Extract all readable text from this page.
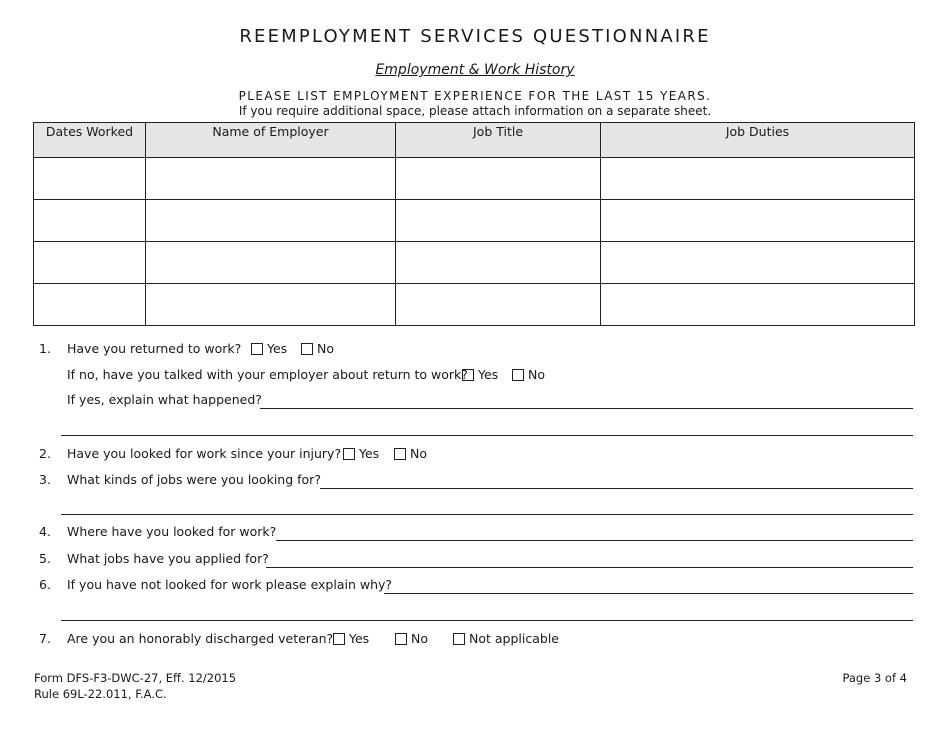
REEMPLOYMENT SERVICES QUESTIONNAIRE
Employment & Work History
PLEASE LIST EMPLOYMENT EXPERIENCE FOR THE LAST 15 YEARS.
If you require additional space, please attach information on a separate sheet.
Dates Worked	Name of Employer	Job Title	Job Duties

1. Have you returned to work?	Yes	No
If no, have you talked with your employer about return to work? Yes	No
If yes, explain what happened?
2. Have you looked for work since your injury?	Yes	No
3. What kinds of jobs were you looking for?
4. Where have you looked for work?
5. What jobs have you applied for?
6. If you have not looked for work please explain why?
7. Are you an honorably discharged veteran?	Yes	No	Not applicable
Form DFS-F3-DWC-27, Eff. 12/2015
Rule 69L-22.011, F.A.C.
Page 3 of 4
